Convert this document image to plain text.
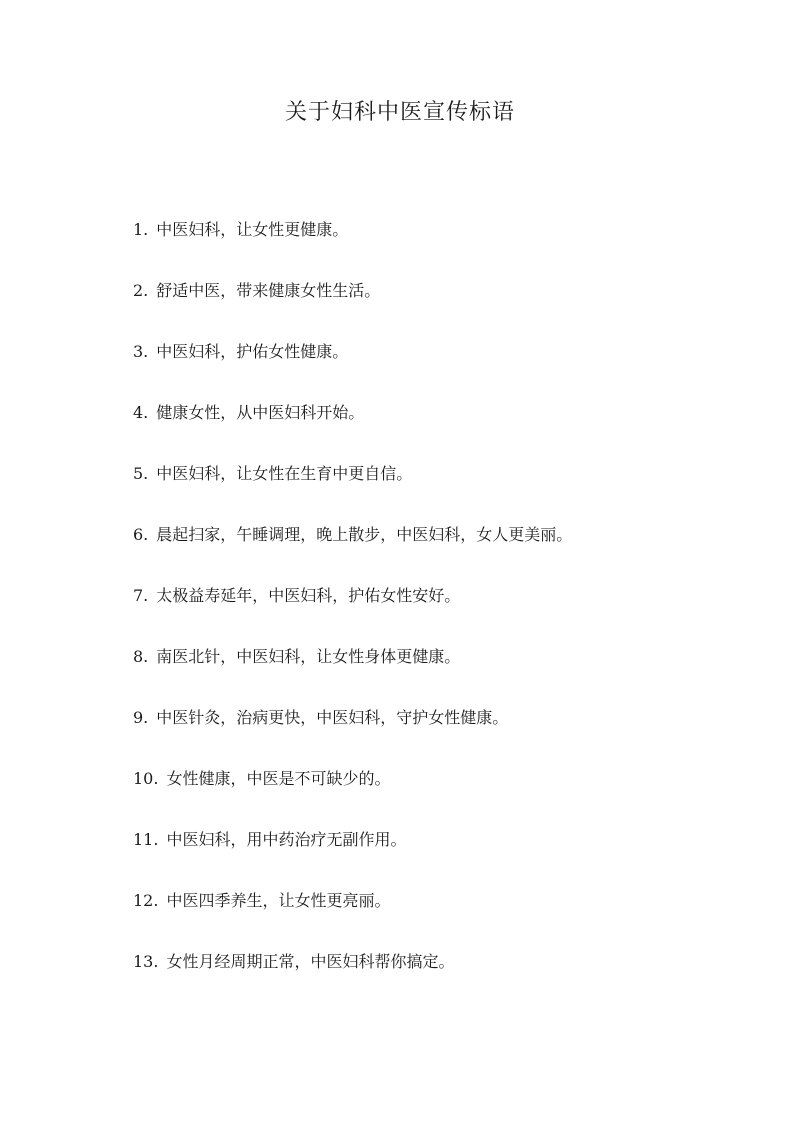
关于妇科中医宣传标语
1. 中医妇科，让女性更健康。
2. 舒适中医，带来健康女性生活。
3. 中医妇科，护佑女性健康。
4. 健康女性，从中医妇科开始。
5. 中医妇科，让女性在生育中更自信。
6. 晨起扫家，午睡调理，晚上散步，中医妇科，女人更美丽。
7. 太极益寿延年，中医妇科，护佑女性安好。
8. 南医北针，中医妇科，让女性身体更健康。
9. 中医针灸，治病更快，中医妇科，守护女性健康。
10. 女性健康，中医是不可缺少的。
11. 中医妇科，用中药治疗无副作用。
12. 中医四季养生，让女性更亮丽。
13. 女性月经周期正常，中医妇科帮你搞定。
